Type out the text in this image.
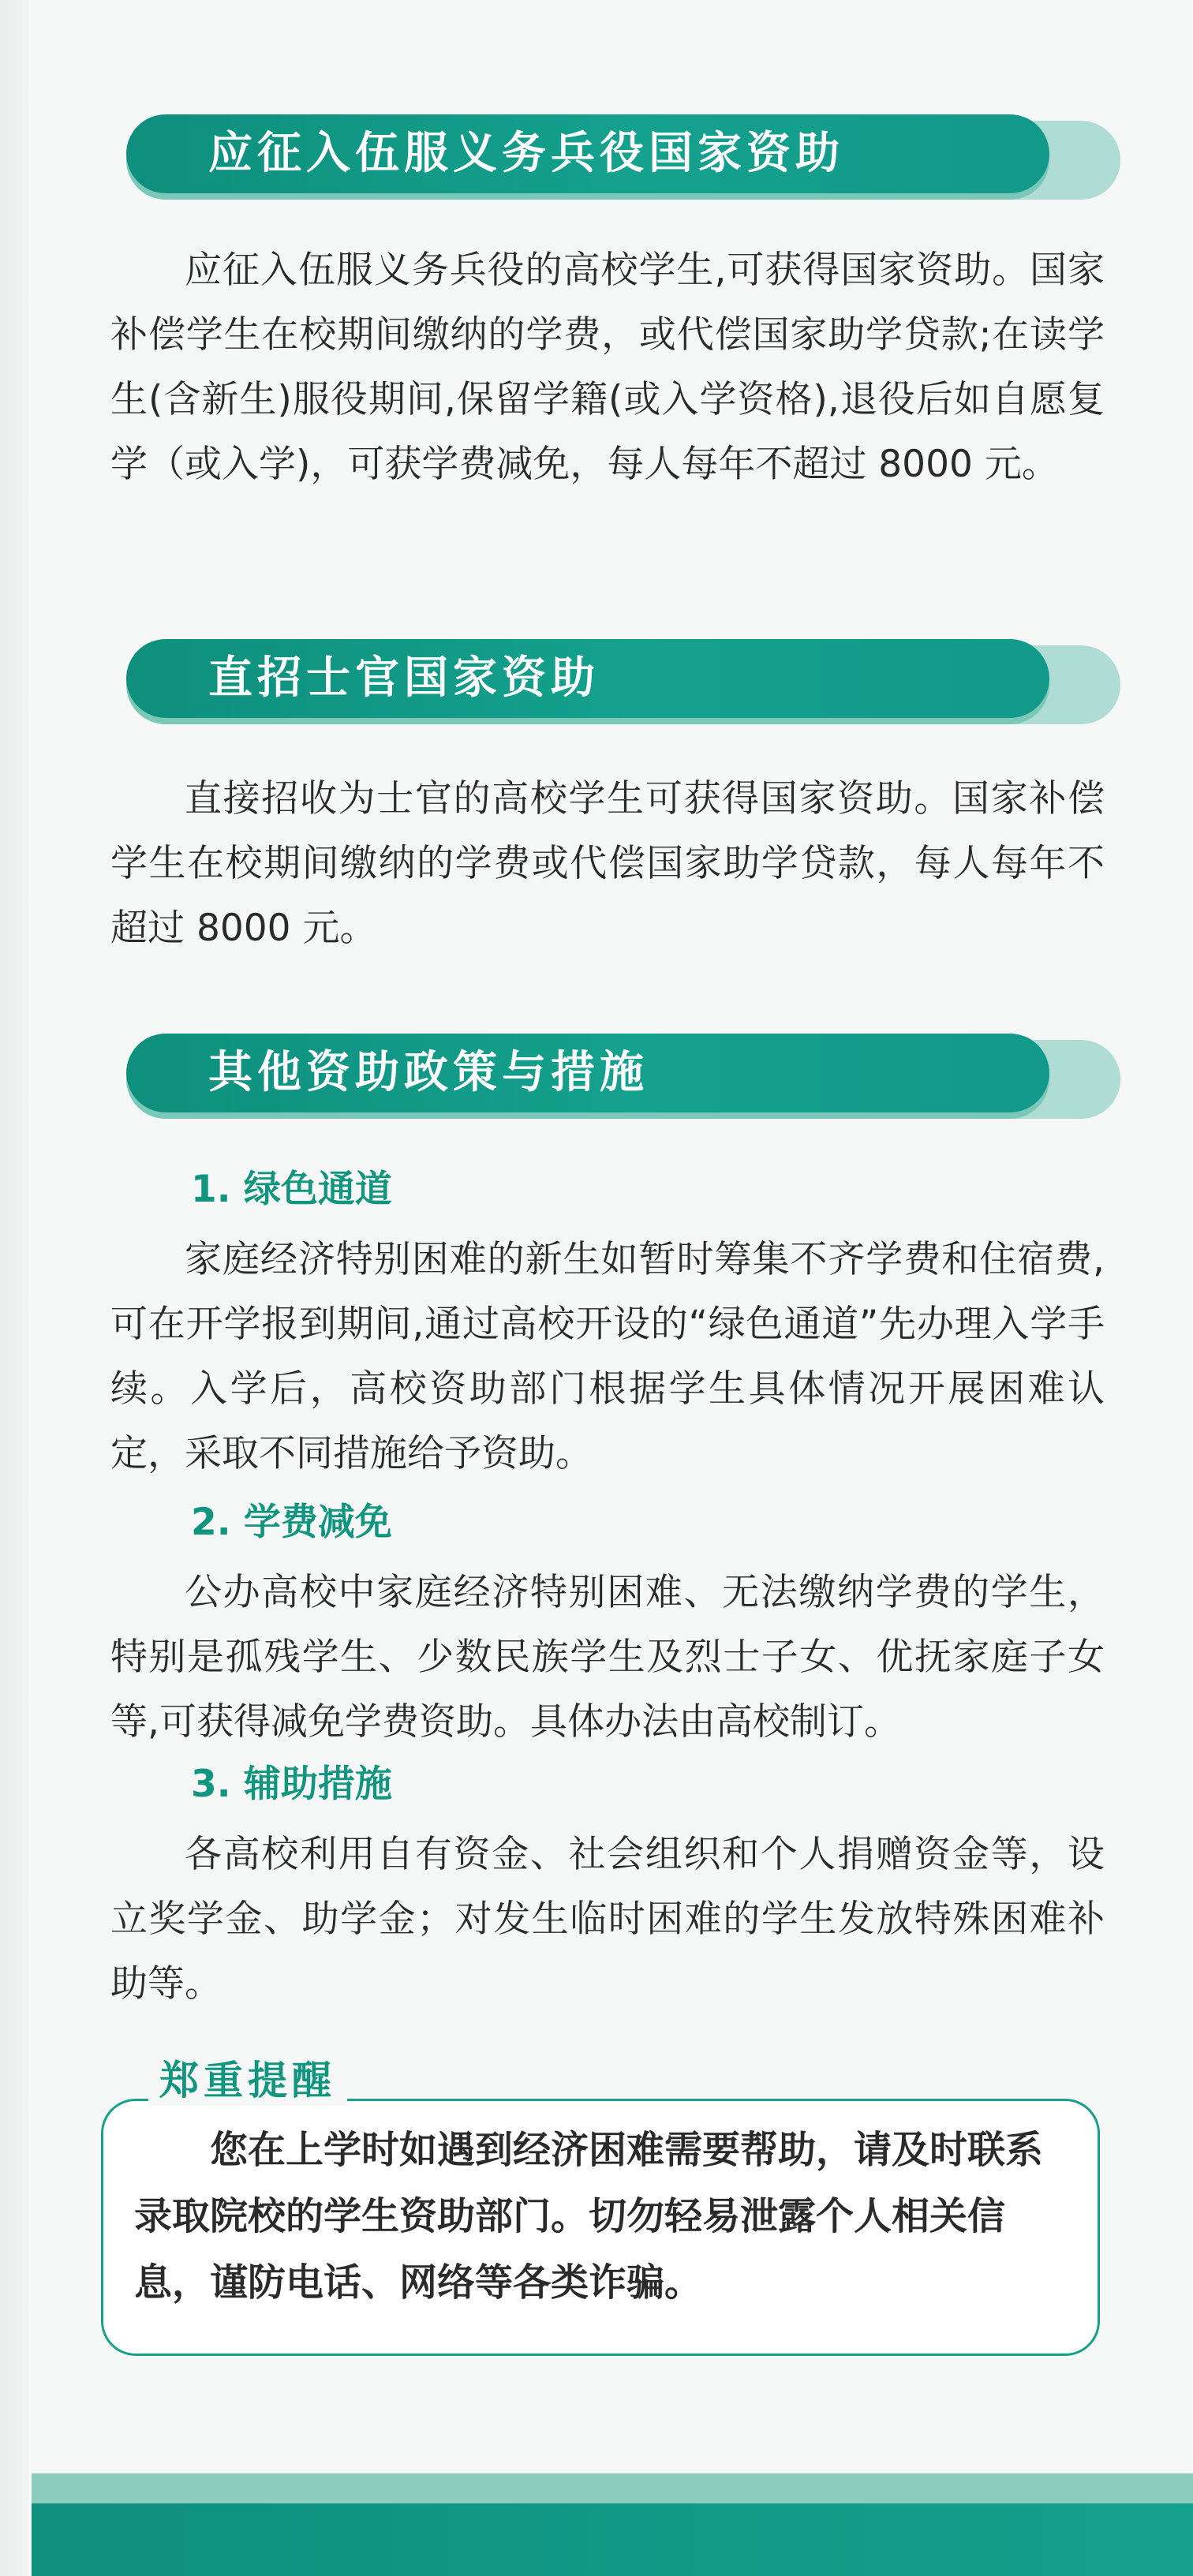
应征入伍服义务兵役国家资助
应征入伍服义务兵役的高校学生,可获得国家资助。国家补偿学生在校期间缴纳的学费，或代偿国家助学贷款;在读学生(含新生)服役期间,保留学籍(或入学资格),退役后如自愿复学（或入学)，可获学费减免，每人每年不超过 8000 元。
直招士官国家资助
直接招收为士官的高校学生可获得国家资助。国家补偿学生在校期间缴纳的学费或代偿国家助学贷款，每人每年不超过 8000 元。
其他资助政策与措施
1. 绿色通道
家庭经济特别困难的新生如暂时筹集不齐学费和住宿费,可在开学报到期间,通过高校开设的“绿色通道”先办理入学手续。入学后，高校资助部门根据学生具体情况开展困难认定，采取不同措施给予资助。
2. 学费减免
公办高校中家庭经济特别困难、无法缴纳学费的学生，特别是孤残学生、少数民族学生及烈士子女、优抚家庭子女等,可获得减免学费资助。具体办法由高校制订。
3. 辅助措施
各高校利用自有资金、社会组织和个人捐赠资金等，设立奖学金、助学金；对发生临时困难的学生发放特殊困难补助等。
郑重提醒
您在上学时如遇到经济困难需要帮助，请及时联系录取院校的学生资助部门。切勿轻易泄露个人相关信息，谨防电话、网络等各类诈骗。
